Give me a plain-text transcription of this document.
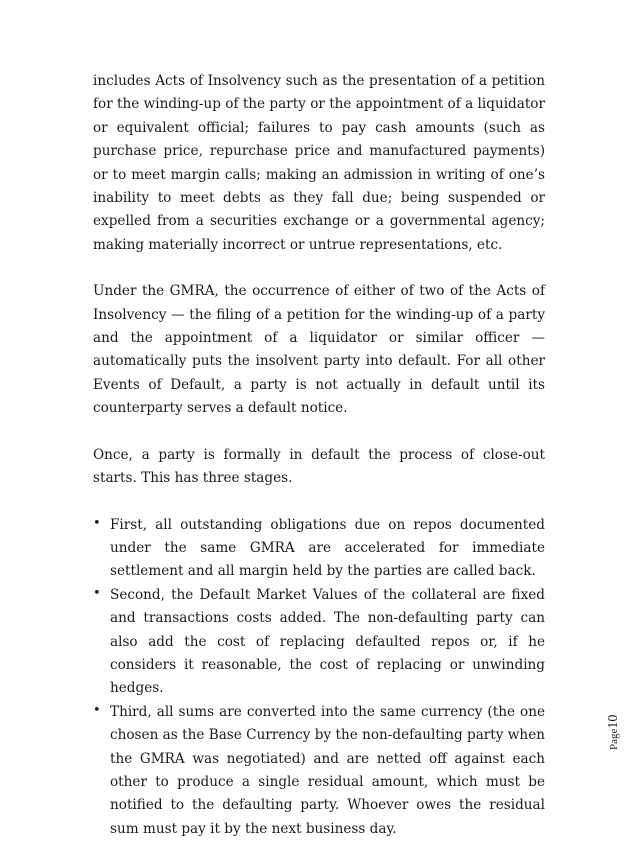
includes Acts of Insolvency such as the presentation of a petition for the winding-up of the party or the appointment of a liquidator or equivalent official; failures to pay cash amounts (such as purchase price, repurchase price and manufactured payments) or to meet margin calls; making an admission in writing of one’s inability to meet debts as they fall due; being suspended or expelled from a securities exchange or a governmental agency; making materially incorrect or untrue representations, etc.

Under the GMRA, the occurrence of either of two of the Acts of Insolvency — the filing of a petition for the winding-up of a party and the appointment of a liquidator or similar officer — automatically puts the insolvent party into default. For all other Events of Default, a party is not actually in default until its counterparty serves a default notice.

Once, a party is formally in default the process of close-out starts. This has three stages.

• First, all outstanding obligations due on repos documented under the same GMRA are accelerated for immediate settlement and all margin held by the parties are called back.
• Second, the Default Market Values of the collateral are fixed and transactions costs added. The non-defaulting party can also add the cost of replacing defaulted repos or, if he considers it reasonable, the cost of replacing or unwinding hedges.
• Third, all sums are converted into the same currency (the one chosen as the Base Currency by the non-defaulting party when the GMRA was negotiated) and are netted off against each other to produce a single residual amount, which must be notified to the defaulting party. Whoever owes the residual sum must pay it by the next business day.
Page10
